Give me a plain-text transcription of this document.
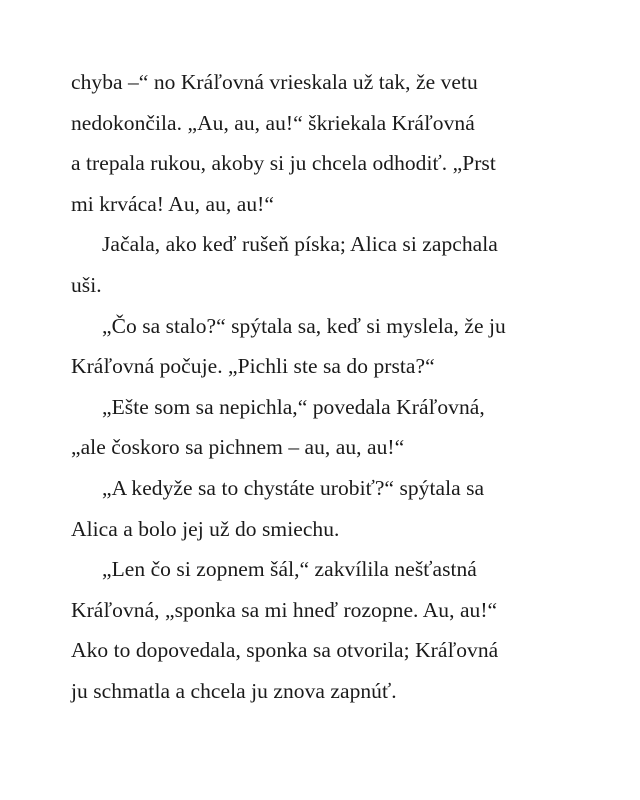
chyba –“ no Kráľovná vrieskala už tak, že vetu
nedokončila. „Au, au, au!“ škriekala Kráľovná
a trepala rukou, akoby si ju chcela odhodiť. „Prst
mi krváca! Au, au, au!“
Jačala, ako keď rušeň píska; Alica si zapchala
uši.
„Čo sa stalo?“ spýtala sa, keď si myslela, že ju
Kráľovná počuje. „Pichli ste sa do prsta?“
„Ešte som sa nepichla,“ povedala Kráľovná,
„ale čoskoro sa pichnem – au, au, au!“
„A kedyže sa to chystáte urobiť?“ spýtala sa
Alica a bolo jej už do smiechu.
„Len čo si zopnem šál,“ zakvílila nešťastná
Kráľovná, „sponka sa mi hneď rozopne. Au, au!“
Ako to dopovedala, sponka sa otvorila; Kráľovná
ju schmatla a chcela ju znova zapnúť.
